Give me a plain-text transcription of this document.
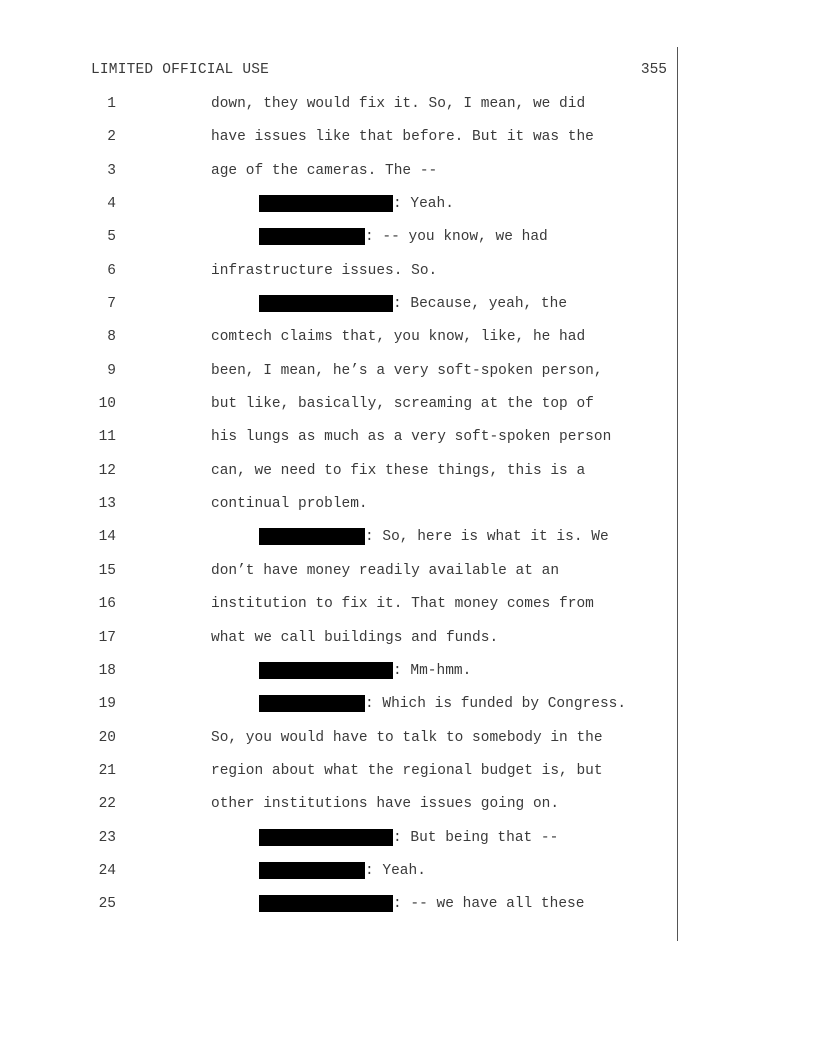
LIMITED OFFICIAL USE	355
1	down, they would fix it. So, I mean, we did
2	have issues like that before. But it was the
3	age of the cameras. The --
4	: Yeah.
5	: -- you know, we had
6	infrastructure issues. So.
7	: Because, yeah, the
8	comtech claims that, you know, like, he had
9	been, I mean, he’s a very soft-spoken person,
10	but like, basically, screaming at the top of
11	his lungs as much as a very soft-spoken person
12	can, we need to fix these things, this is a
13	continual problem.
14	: So, here is what it is. We
15	don’t have money readily available at an
16	institution to fix it. That money comes from
17	what we call buildings and funds.
18	: Mm-hmm.
19	: Which is funded by Congress.
20	So, you would have to talk to somebody in the
21	region about what the regional budget is, but
22	other institutions have issues going on.
23	: But being that --
24	: Yeah.
25	: -- we have all these
